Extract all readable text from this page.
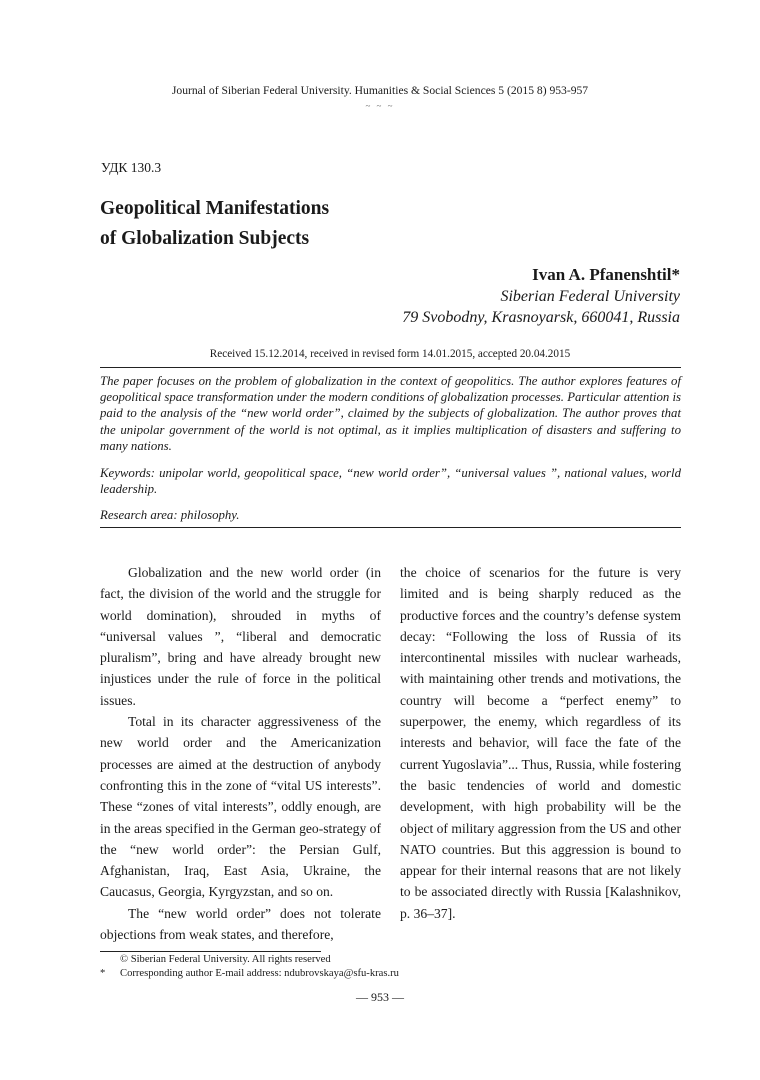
Journal of Siberian Federal University. Humanities & Social Sciences 5 (2015 8) 953-957
~ ~ ~
УДК 130.3
Geopolitical Manifestations
of Globalization Subjects
Ivan A. Pfanenshtil*
Siberian Federal University
79 Svobodny, Krasnoyarsk, 660041, Russia
Received 15.12.2014, received in revised form 14.01.2015, accepted 20.04.2015
The paper focuses on the problem of globalization in the context of geopolitics. The author explores features of geopolitical space transformation under the modern conditions of globalization processes. Particular attention is paid to the analysis of the “new world order”, claimed by the subjects of globalization. The author proves that the unipolar government of the world is not optimal, as it implies multiplication of disasters and suffering to many nations.
Keywords: unipolar world, geopolitical space, “new world order”, “universal values ”, national values, world leadership.
Research area: philosophy.

Globalization and the new world order (in fact, the division of the world and the struggle for world domination), shrouded in myths of “universal values ”, “liberal and democratic pluralism”, bring and have already brought new injustices under the rule of force in the political issues.

Total in its character aggressiveness of the new world order and the Americanization processes are aimed at the destruction of anybody confronting this in the zone of “vital US interests”. These “zones of vital interests”, oddly enough, are in the areas specified in the German geo-strategy of the “new world order”: the Persian Gulf, Afghanistan, Iraq, East Asia, Ukraine, the Caucasus, Georgia, Kyrgyzstan, and so on.

The “new world order” does not tolerate objections from weak states, and therefore,

the choice of scenarios for the future is very limited and is being sharply reduced as the productive forces and the country’s defense system decay: “Following the loss of Russia of its intercontinental missiles with nuclear warheads, with maintaining other trends and motivations, the country will become a “perfect enemy” to superpower, the enemy, which regardless of its interests and behavior, will face the fate of the current Yugoslavia”... Thus, Russia, while fostering the basic tendencies of world and domestic development, with high probability will be the object of military aggression from the US and other NATO countries. But this aggression is bound to appear for their internal reasons that are not likely to be associated directly with Russia [Kalashnikov, p. 36–37].

© Siberian Federal University. All rights reserved
*	Corresponding author E-mail address: ndubrovskaya@sfu-kras.ru
— 953 —
